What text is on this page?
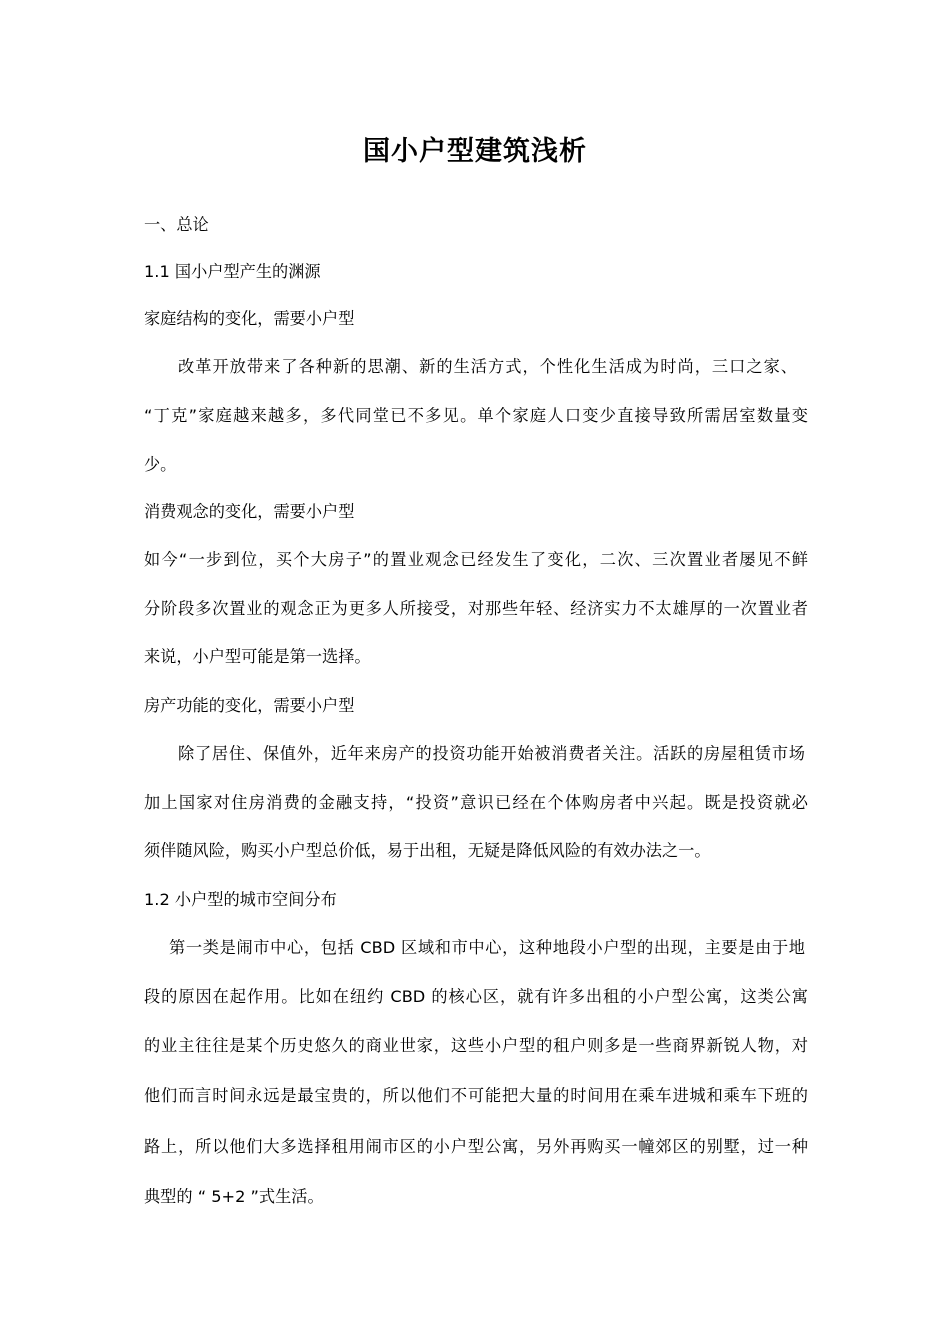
国小户型建筑浅析
一、总论
1.1 国小户型产生的渊源
家庭结构的变化，需要小户型
改革开放带来了各种新的思潮、新的生活方式，个性化生活成为时尚，三口之家、
“丁克”家庭越来越多，多代同堂已不多见。单个家庭人口变少直接导致所需居室数量变
少。
消费观念的变化，需要小户型
如今“一步到位，买个大房子”的置业观念已经发生了变化，二次、三次置业者屡见不鲜
分阶段多次置业的观念正为更多人所接受，对那些年轻、经济实力不太雄厚的一次置业者
来说，小户型可能是第一选择。
房产功能的变化，需要小户型
除了居住、保值外，近年来房产的投资功能开始被消费者关注。活跃的房屋租赁市场
加上国家对住房消费的金融支持，“投资”意识已经在个体购房者中兴起。既是投资就必
须伴随风险，购买小户型总价低，易于出租，无疑是降低风险的有效办法之一。
1.2 小户型的城市空间分布
第一类是闹市中心，包括 CBD 区域和市中心，这种地段小户型的出现，主要是由于地
段的原因在起作用。比如在纽约 CBD 的核心区，就有许多出租的小户型公寓，这类公寓
的业主往往是某个历史悠久的商业世家，这些小户型的租户则多是一些商界新锐人物，对
他们而言时间永远是最宝贵的，所以他们不可能把大量的时间用在乘车进城和乘车下班的
路上，所以他们大多选择租用闹市区的小户型公寓，另外再购买一幢郊区的别墅，过一种
典型的 “ 5+2 ”式生活。
